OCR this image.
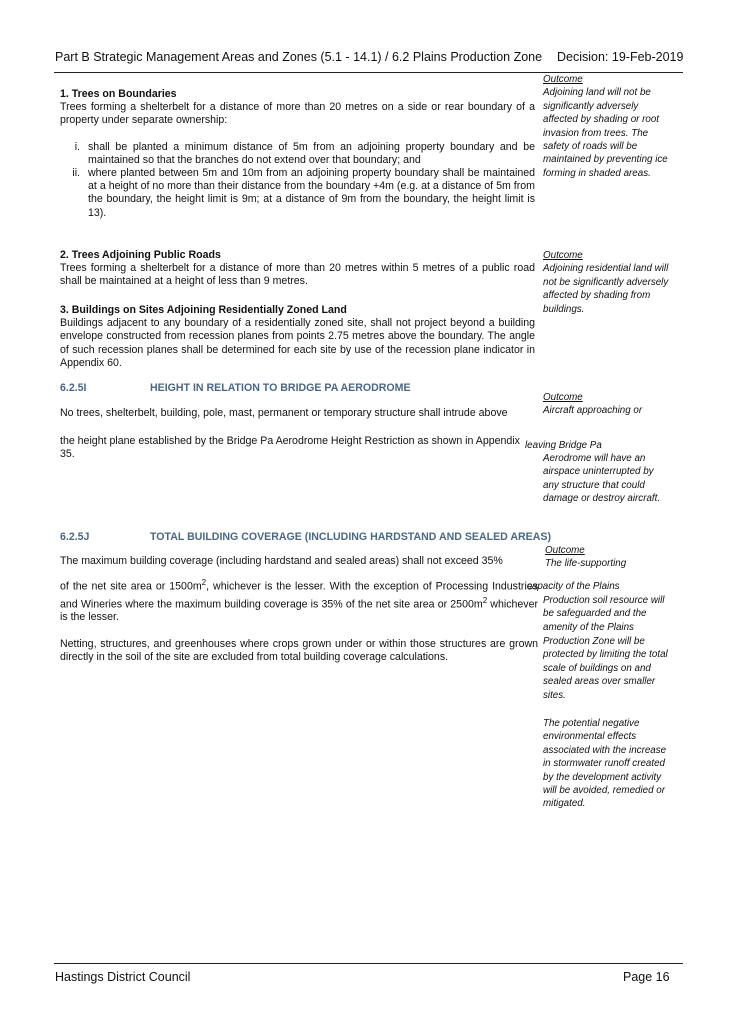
Part B Strategic Management Areas and Zones (5.1 - 14.1) / 6.2 Plains Production Zone Decision: 19-Feb-2019

1. Trees on Boundaries

Trees forming a shelterbelt for a distance of more than 20 metres on a side or rear boundary of a property under separate ownership:

i. shall be planted a minimum distance of 5m from an adjoining property boundary and be maintained so that the branches do not extend over that boundary; and
ii. where planted between 5m and 10m from an adjoining property boundary shall be maintained at a height of no more than their distance from the boundary +4m (e.g. at a distance of 5m from the boundary, the height limit is 9m; at a distance of 9m from the boundary, the height limit is 13).
Outcome
Adjoining land will not be significantly adversely affected by shading or root invasion from trees. The safety of roads will be maintained by preventing ice forming in shaded areas.

2. Trees Adjoining Public Roads

Trees forming a shelterbelt for a distance of more than 20 metres within 5 metres of a public road shall be maintained at a height of less than 9 metres.

Outcome
Adjoining residential land will not be significantly adversely affected by shading from buildings.

3. Buildings on Sites Adjoining Residentially Zoned Land

Buildings adjacent to any boundary of a residentially zoned site, shall not project beyond a building envelope constructed from recession planes from points 2.75 metres above the boundary. The angle of such recession planes shall be determined for each site by use of the recession plane indicator in Appendix 60.

6.2.5I	HEIGHT IN RELATION TO BRIDGE PA AERODROME
No trees, shelterbelt, building, pole, mast, permanent or temporary structure shall intrude above
the height plane established by the Bridge Pa Aerodrome Height Restriction as shown in Appendix 35.
Outcome
Aircraft approaching or
leaving Bridge Pa
Aerodrome will have an airspace uninterrupted by any structure that could damage or destroy aircraft.
6.2.5J	TOTAL BUILDING COVERAGE (INCLUDING HARDSTAND AND SEALED AREAS)
The maximum building coverage (including hardstand and sealed areas) shall not exceed 35%

of the net site area or $1500m^2$, whichever is the lesser. With the exception of Processing Industries and Wineries where the maximum building coverage is 35% of the net site area or $2500m^2$ whichever is the lesser.

Netting, structures, and greenhouses where crops grown under or within those structures are grown directly in the soil of the site are excluded from total building coverage calculations.

Outcome
The life-supporting
capacity of the Plains
Production soil resource will be safeguarded and the amenity of the Plains
Production Zone will be protected by limiting the total scale of buildings on and sealed areas over smaller sites.
The potential negative environmental effects associated with the increase in stormwater runoff created by the development activity will be avoided, remedied or mitigated.
Hastings District Council	Page 16
